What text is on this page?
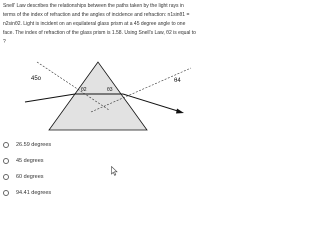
Snell' Law describes the relationships between the paths taken by the light rays in terms of the index of refraction and the angles of incidence and refraction: n1sinθ1 = n2sinθ2. Light is incident on an equilateral glass prism at a 45 degree angle to one face. The index of refraction of the glass prism is 1.58. Using Snell's Law, θ2 is equal to ?
45o	θ4
θ2	θ3
26.59 degrees
45 degrees
60 degrees
94.41 degrees
